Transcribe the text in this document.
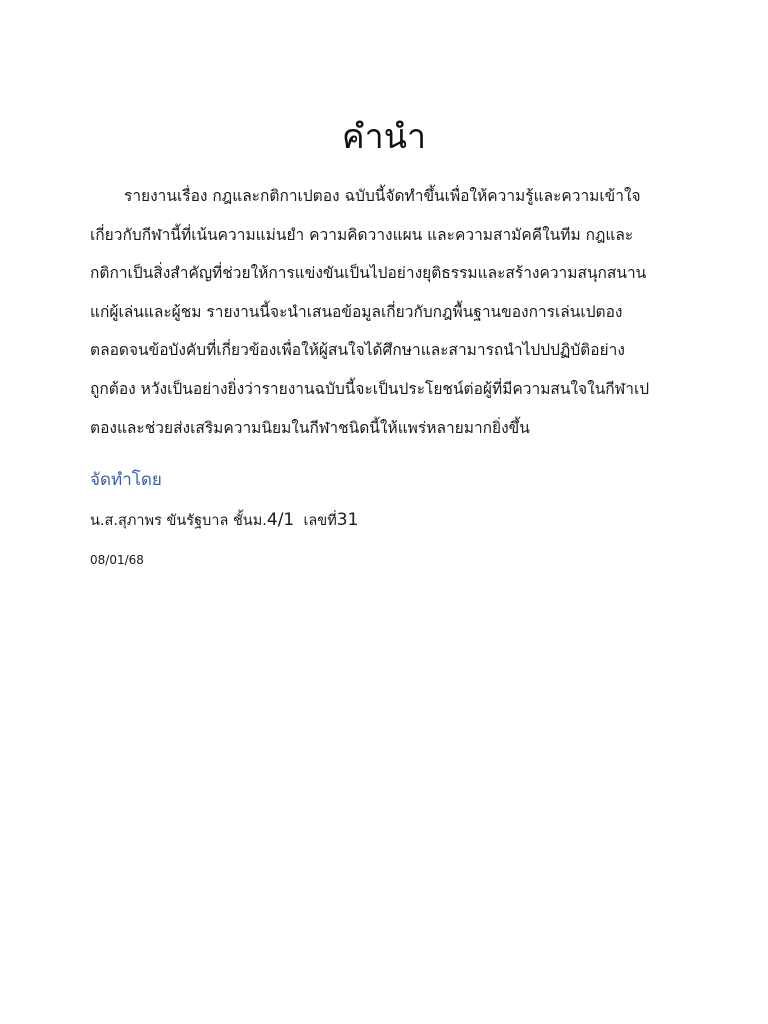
คำนำ
รายงานเรื่อง กฎและกติกาเปตอง ฉบับนี้จัดทำขึ้นเพื่อให้ความรู้และความเข้าใจ
เกี่ยวกับกีฬานี้ที่เน้นความแม่นยำ ความคิดวางแผน และความสามัคคีในทีม กฎและ
กติกาเป็นสิ่งสำคัญที่ช่วยให้การแข่งขันเป็นไปอย่างยุติธรรมและสร้างความสนุกสนาน
แก่ผู้เล่นและผู้ชม รายงานนี้จะนำเสนอข้อมูลเกี่ยวกับกฎพื้นฐานของการเล่นเปตอง
ตลอดจนข้อบังคับที่เกี่ยวข้องเพื่อให้ผู้สนใจได้ศึกษาและสามารถนำไปปปฏิบัติอย่าง
ถูกต้อง หวังเป็นอย่างยิ่งว่ารายงานฉบับนี้จะเป็นประโยชน์ต่อผู้ที่มีความสนใจในกีฬาเป
ตองและช่วยส่งเสริมความนิยมในกีฬาชนิดนี้ให้แพร่หลายมากยิ่งขึ้น
จัดทำโดย
น.ส.สุภาพร ขันรัฐบาล ชั้นม.4/1  เลขที่31
08/01/68
